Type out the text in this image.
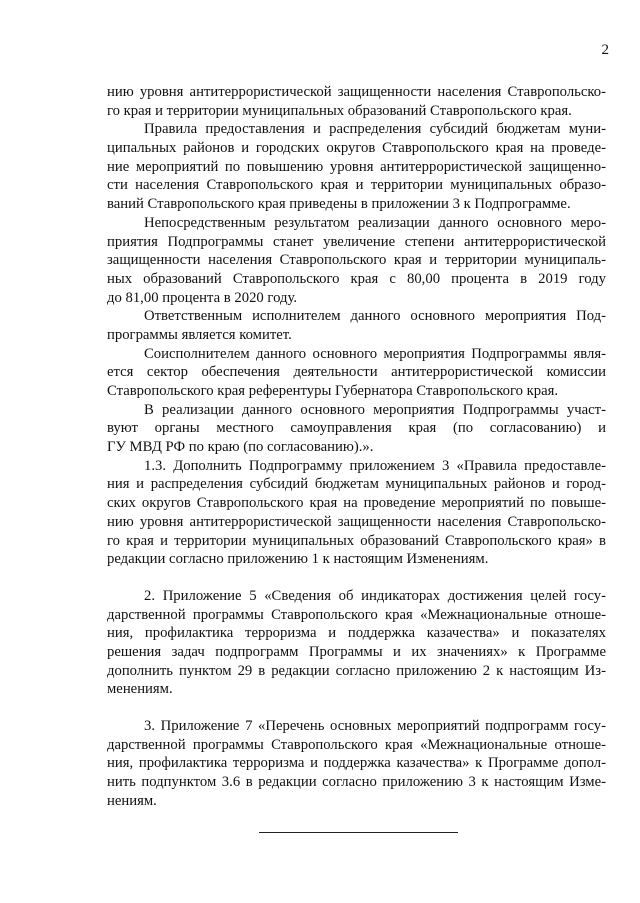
2
нию уровня антитеррористической защищенности населения Ставропольско-
го края и территории муниципальных образований Ставропольского края.
Правила предоставления и распределения субсидий бюджетам муни-
ципальных районов и городских округов Ставропольского края на проведе-
ние мероприятий по повышению уровня антитеррористической защищенно-
сти населения Ставропольского края и территории муниципальных образо-
ваний Ставропольского края приведены в приложении 3 к Подпрограмме.
Непосредственным результатом реализации данного основного меро-
приятия Подпрограммы станет увеличение степени антитеррористической
защищенности населения Ставропольского края и территории муниципаль-
ных образований Ставропольского края с 80,00 процента в 2019 году
до 81,00 процента в 2020 году.
Ответственным исполнителем данного основного мероприятия Под-
программы является комитет.
Соисполнителем данного основного мероприятия Подпрограммы явля-
ется сектор обеспечения деятельности антитеррористической комиссии
Ставропольского края референтуры Губернатора Ставропольского края.
В реализации данного основного мероприятия Подпрограммы участ-
вуют органы местного самоуправления края (по согласованию) и
ГУ МВД РФ по краю (по согласованию).».
1.3. Дополнить Подпрограмму приложением 3 «Правила предоставле-
ния и распределения субсидий бюджетам муниципальных районов и город-
ских округов Ставропольского края на проведение мероприятий по повыше-
нию уровня антитеррористической защищенности населения Ставропольско-
го края и территории муниципальных образований Ставропольского края» в
редакции согласно приложению 1 к настоящим Изменениям.
2. Приложение 5 «Сведения об индикаторах достижения целей госу-
дарственной программы Ставропольского края «Межнациональные отноше-
ния, профилактика терроризма и поддержка казачества» и показателях
решения задач подпрограмм Программы и их значениях» к Программе
дополнить пунктом 29 в редакции согласно приложению 2 к настоящим Из-
менениям.
3. Приложение 7 «Перечень основных мероприятий подпрограмм госу-
дарственной программы Ставропольского края «Межнациональные отноше-
ния, профилактика терроризма и поддержка казачества» к Программе допол-
нить подпунктом 3.6 в редакции согласно приложению 3 к настоящим Изме-
нениям.
